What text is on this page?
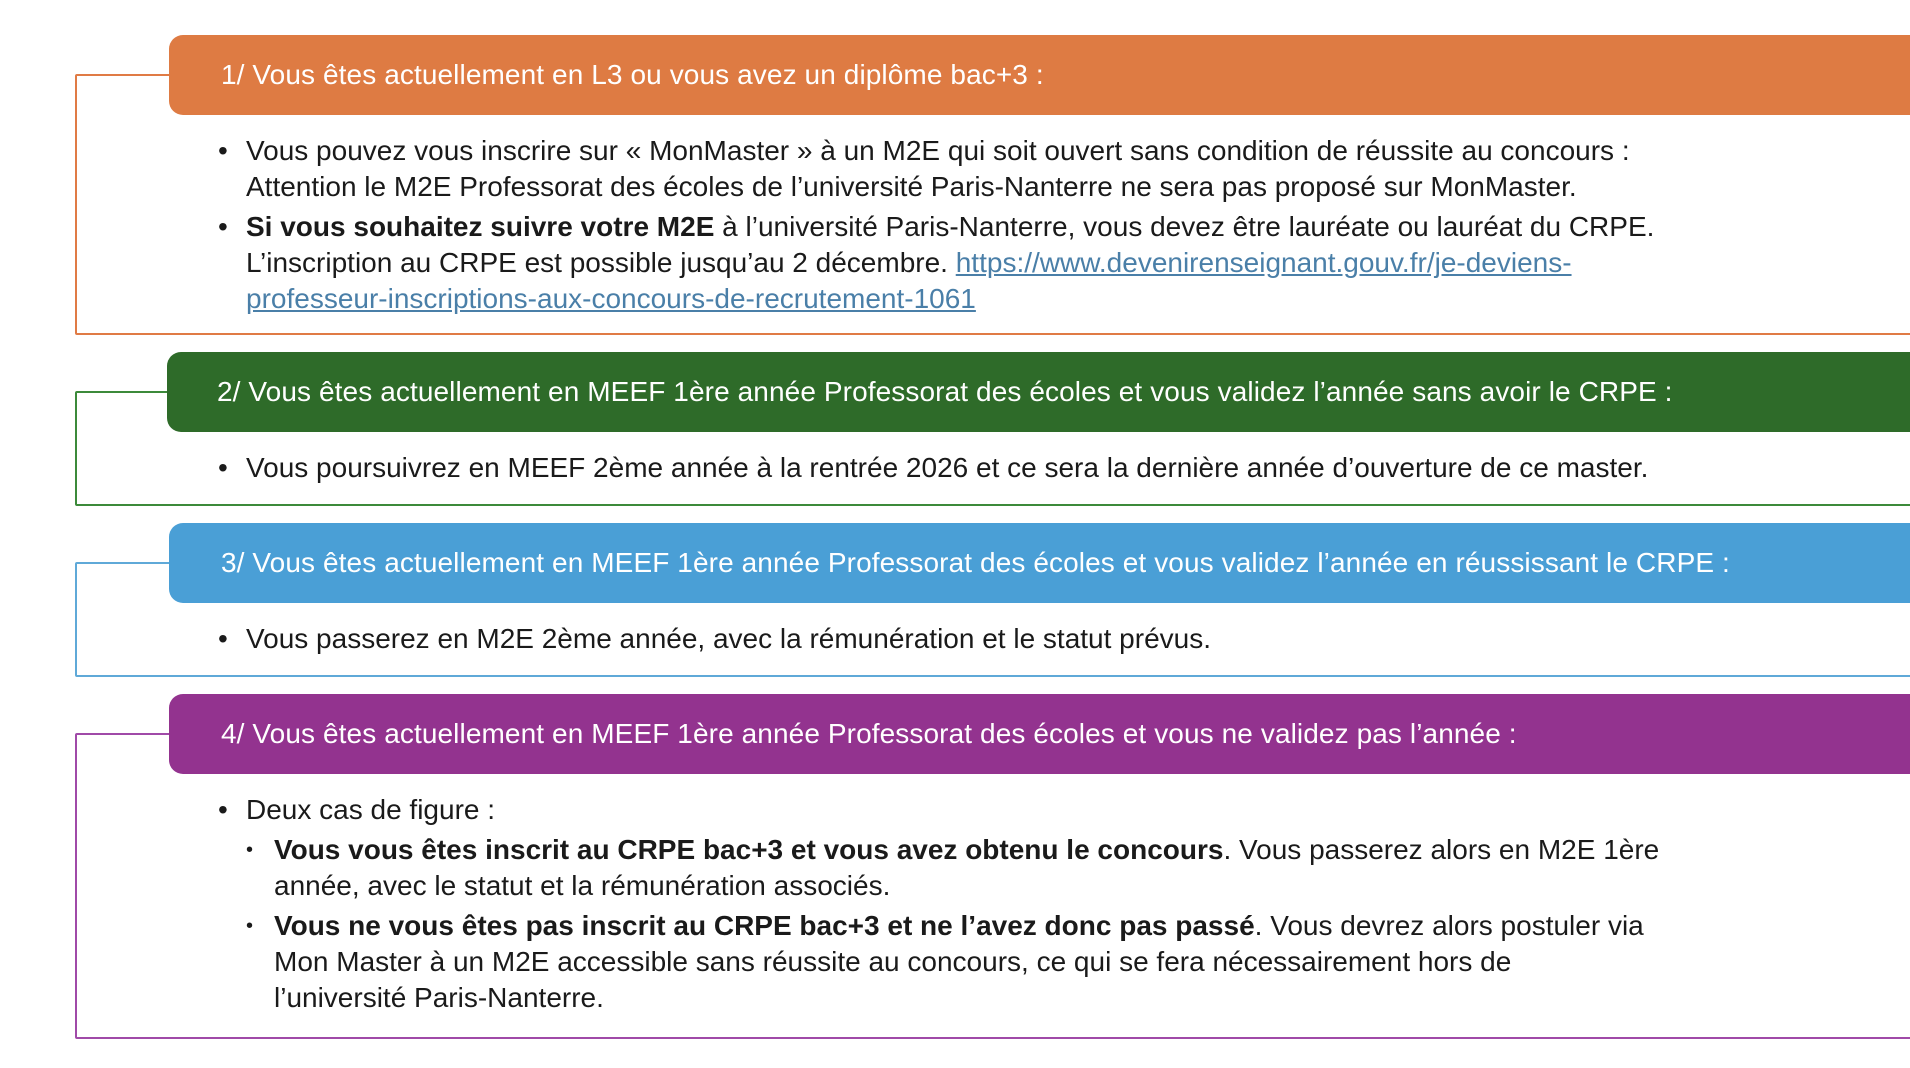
1/ Vous êtes actuellement en L3 ou vous avez un diplôme bac+3 :
• Vous pouvez vous inscrire sur « MonMaster » à un M2E qui soit ouvert sans condition de réussite au concours :
Attention le M2E Professorat des écoles de l’université Paris-Nanterre ne sera pas proposé sur MonMaster.
• Si vous souhaitez suivre votre M2E à l’université Paris-Nanterre, vous devez être lauréate ou lauréat du CRPE.
L’inscription au CRPE est possible jusqu’au 2 décembre. https://www.devenirenseignant.gouv.fr/je-deviens-
professeur-inscriptions-aux-concours-de-recrutement-1061
2/ Vous êtes actuellement en MEEF 1ère année Professorat des écoles et vous validez l’année sans avoir le CRPE :
• Vous poursuivrez en MEEF 2ème année à la rentrée 2026 et ce sera la dernière année d’ouverture de ce master.
3/ Vous êtes actuellement en MEEF 1ère année Professorat des écoles et vous validez l’année en réussissant le CRPE :
• Vous passerez en M2E 2ème année, avec la rémunération et le statut prévus.
4/ Vous êtes actuellement en MEEF 1ère année Professorat des écoles et vous ne validez pas l’année :
• Deux cas de figure :
• Vous vous êtes inscrit au CRPE bac+3 et vous avez obtenu le concours. Vous passerez alors en M2E 1ère
année, avec le statut et la rémunération associés.
• Vous ne vous êtes pas inscrit au CRPE bac+3 et ne l’avez donc pas passé. Vous devrez alors postuler via
Mon Master à un M2E accessible sans réussite au concours, ce qui se fera nécessairement hors de
l’université Paris-Nanterre.
